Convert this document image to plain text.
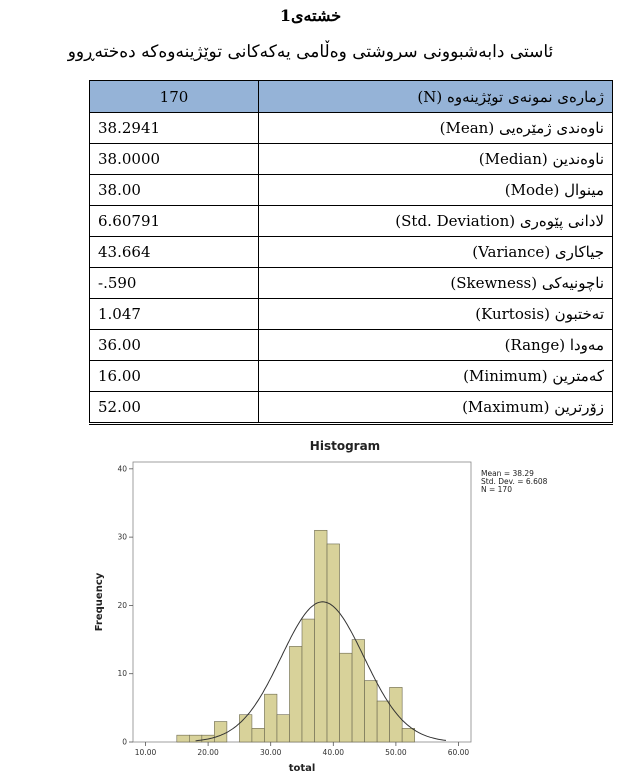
1خشتەی
ئاستی دابەشبوونی سروشتی وەڵامی یەکەکانی توێژینەوەکە دەختەڕوو
170	ژمارەی نمونەی توێژینەوە (N)
38.2941	ناوەندی ژمێرەیی (Mean)
38.0000	ناوەندین (Median)
38.00	مینوال (Mode)
6.60791	لادانی پێوەری (Std. Deviation)
43.664	جیاکاری (Variance)
-.590	ناچونیەکی (Skewness)
1.047	تەختبون (Kurtosis)
36.00	مەودا (Range)
16.00	کەمترین (Minimum)
52.00	زۆرترین (Maximum)
Histogram
10.00	20.00	30.00	40.00	50.00	60.00
0
10
20
30
40
Frequency
total
Mean = 38.29
Std. Dev. = 6.608
N = 170
